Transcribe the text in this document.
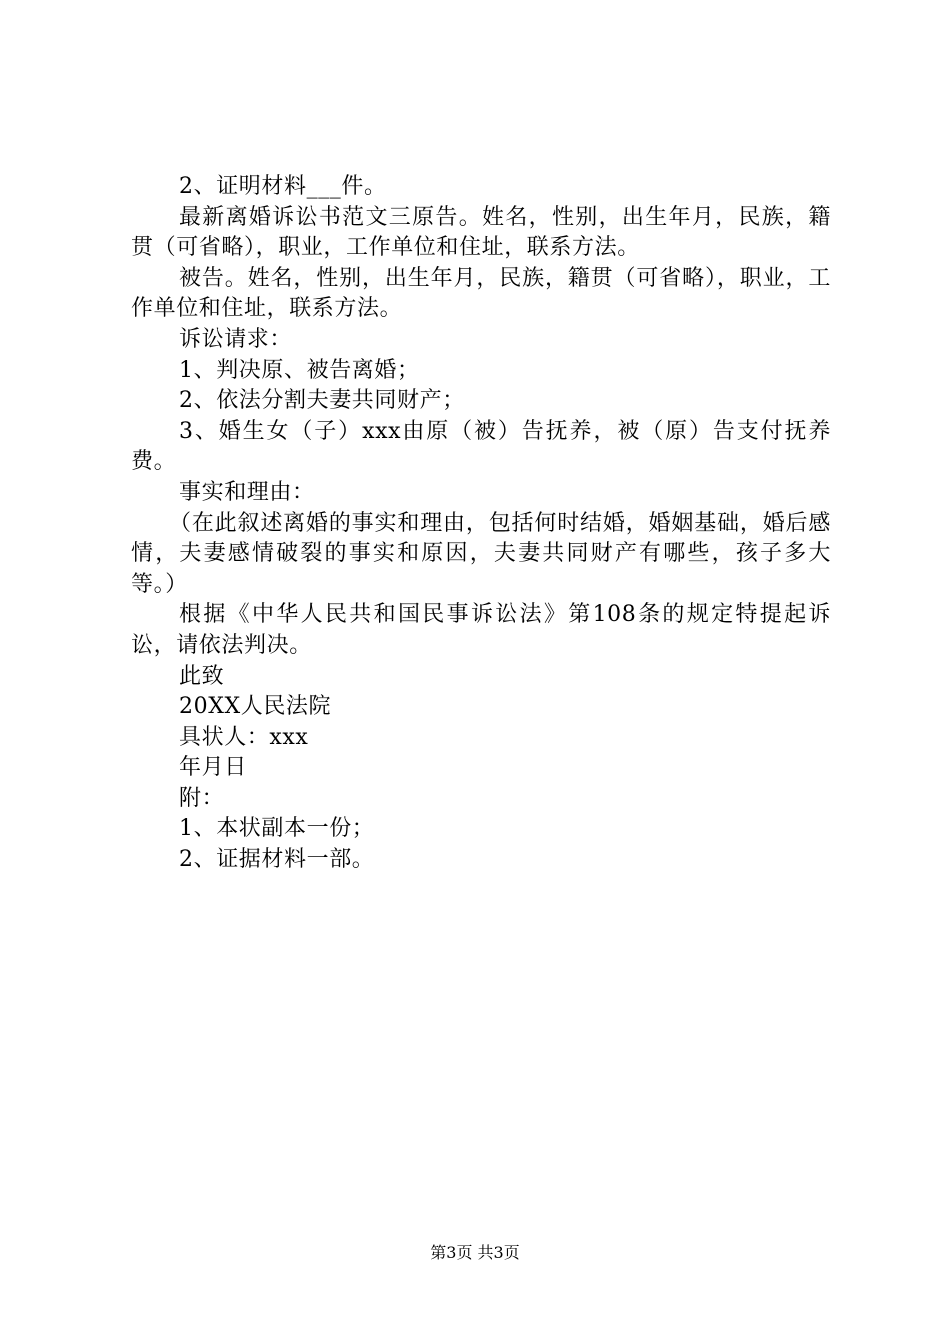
2、证明材料___件。
最新离婚诉讼书范文三原告。姓名，性别，出生年月，民族，籍贯（可省略），职业，工作单位和住址，联系方法。
被告。姓名，性别，出生年月，民族，籍贯（可省略），职业，工作单位和住址，联系方法。
诉讼请求：
1、判决原、被告离婚；
2、依法分割夫妻共同财产；
3、婚生女（子）xxx由原（被）告抚养，被（原）告支付抚养费。
事实和理由：
（在此叙述离婚的事实和理由，包括何时结婚，婚姻基础，婚后感情，夫妻感情破裂的事实和原因，夫妻共同财产有哪些，孩子多大等。）
根据《中华人民共和国民事诉讼法》第108条的规定特提起诉讼，请依法判决。
此致
20XX人民法院
具状人：xxx
年月日
附：
1、本状副本一份；
2、证据材料一部。
第3页 共3页
